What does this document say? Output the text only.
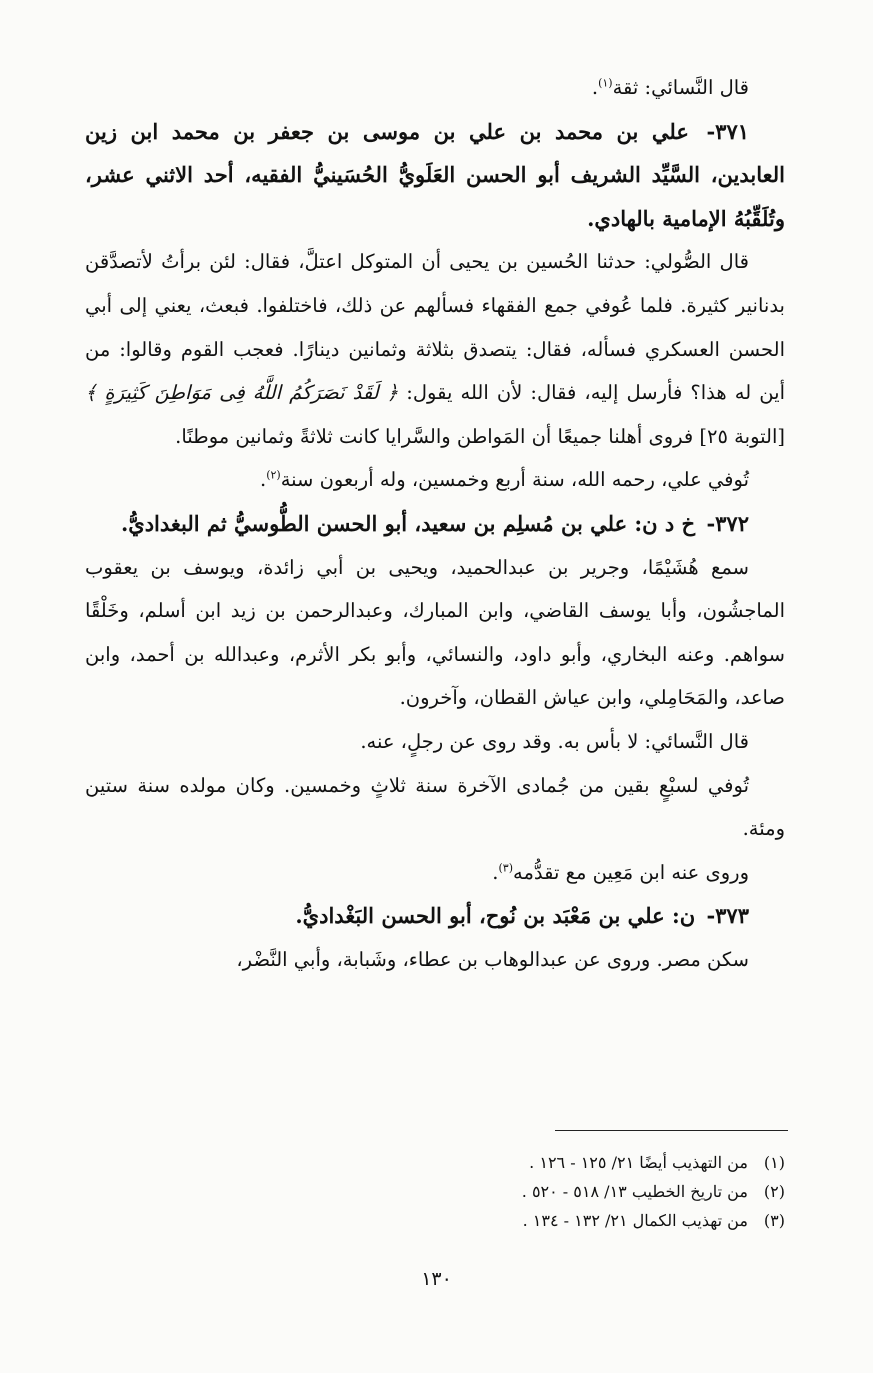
قال النَّسائي: ثقة$^{(١)}$.

٣٧١- علي بن محمد بن علي بن موسى بن جعفر بن محمد ابن زين العابدين، السَّيِّد الشريف أبو الحسن العَلَويُّ الحُسَينيُّ الفقيه، أحد الاثني عشر، وتُلَقِّبُهُ الإمامية بالهادي.

قال الصُّولي: حدثنا الحُسين بن يحيى أن المتوكل اعتلَّ، فقال: لئن برأتُ لأتصدَّقن بدنانير كثيرة. فلما عُوفي جمع الفقهاء فسألهم عن ذلك، فاختلفوا. فبعث، يعني إلى أبي الحسن العسكري فسأله، فقال: يتصدق بثلاثة وثمانين دينارًا. فعجب القوم وقالوا: من أين له هذا؟ فأرسل إليه، فقال: لأن الله يقول: ﴿ لَقَدْ نَصَرَكُمُ اللَّهُ فِى مَوَاطِنَ كَثِيرَةٍ ﴾ [التوبة ٢٥] فروى أهلنا جميعًا أن المَواطن والسَّرايا كانت ثلاثةً وثمانين موطنًا.

تُوفي علي، رحمه الله، سنة أربع وخمسين، وله أربعون سنة$^{(٢)}$.

٣٧٢- خ د ن: علي بن مُسلِم بن سعيد، أبو الحسن الطُّوسيُّ ثم البغداديُّ.

سمع هُشَيْمًا، وجرير بن عبدالحميد، ويحيى بن أبي زائدة، ويوسف بن يعقوب الماجشُون، وأبا يوسف القاضي، وابن المبارك، وعبدالرحمن بن زيد ابن أسلم، وخَلْقًا سواهم. وعنه البخاري، وأبو داود، والنسائي، وأبو بكر الأثرم، وعبدالله بن أحمد، وابن صاعد، والمَحَامِلي، وابن عياش القطان، وآخرون.

قال النَّسائي: لا بأس به. وقد روى عن رجلٍ، عنه.

تُوفي لسبْعٍ بقين من جُمادى الآخرة سنة ثلاثٍ وخمسين. وكان مولده سنة ستين ومئة.

وروى عنه ابن مَعِين مع تقدُّمه$^{(٣)}$.

٣٧٣- ن: علي بن مَعْبَد بن نُوح، أبو الحسن البَغْداديُّ.

سكن مصر. وروى عن عبدالوهاب بن عطاء، وشَبابة، وأبي النَّضْر،

(١)من التهذيب أيضًا ٢١/ ١٢٥ - ١٢٦ .
(٢)من تاريخ الخطيب ١٣/ ٥١٨ - ٥٢٠ .
(٣)من تهذيب الكمال ٢١/ ١٣٢ - ١٣٤ .
١٣٠
